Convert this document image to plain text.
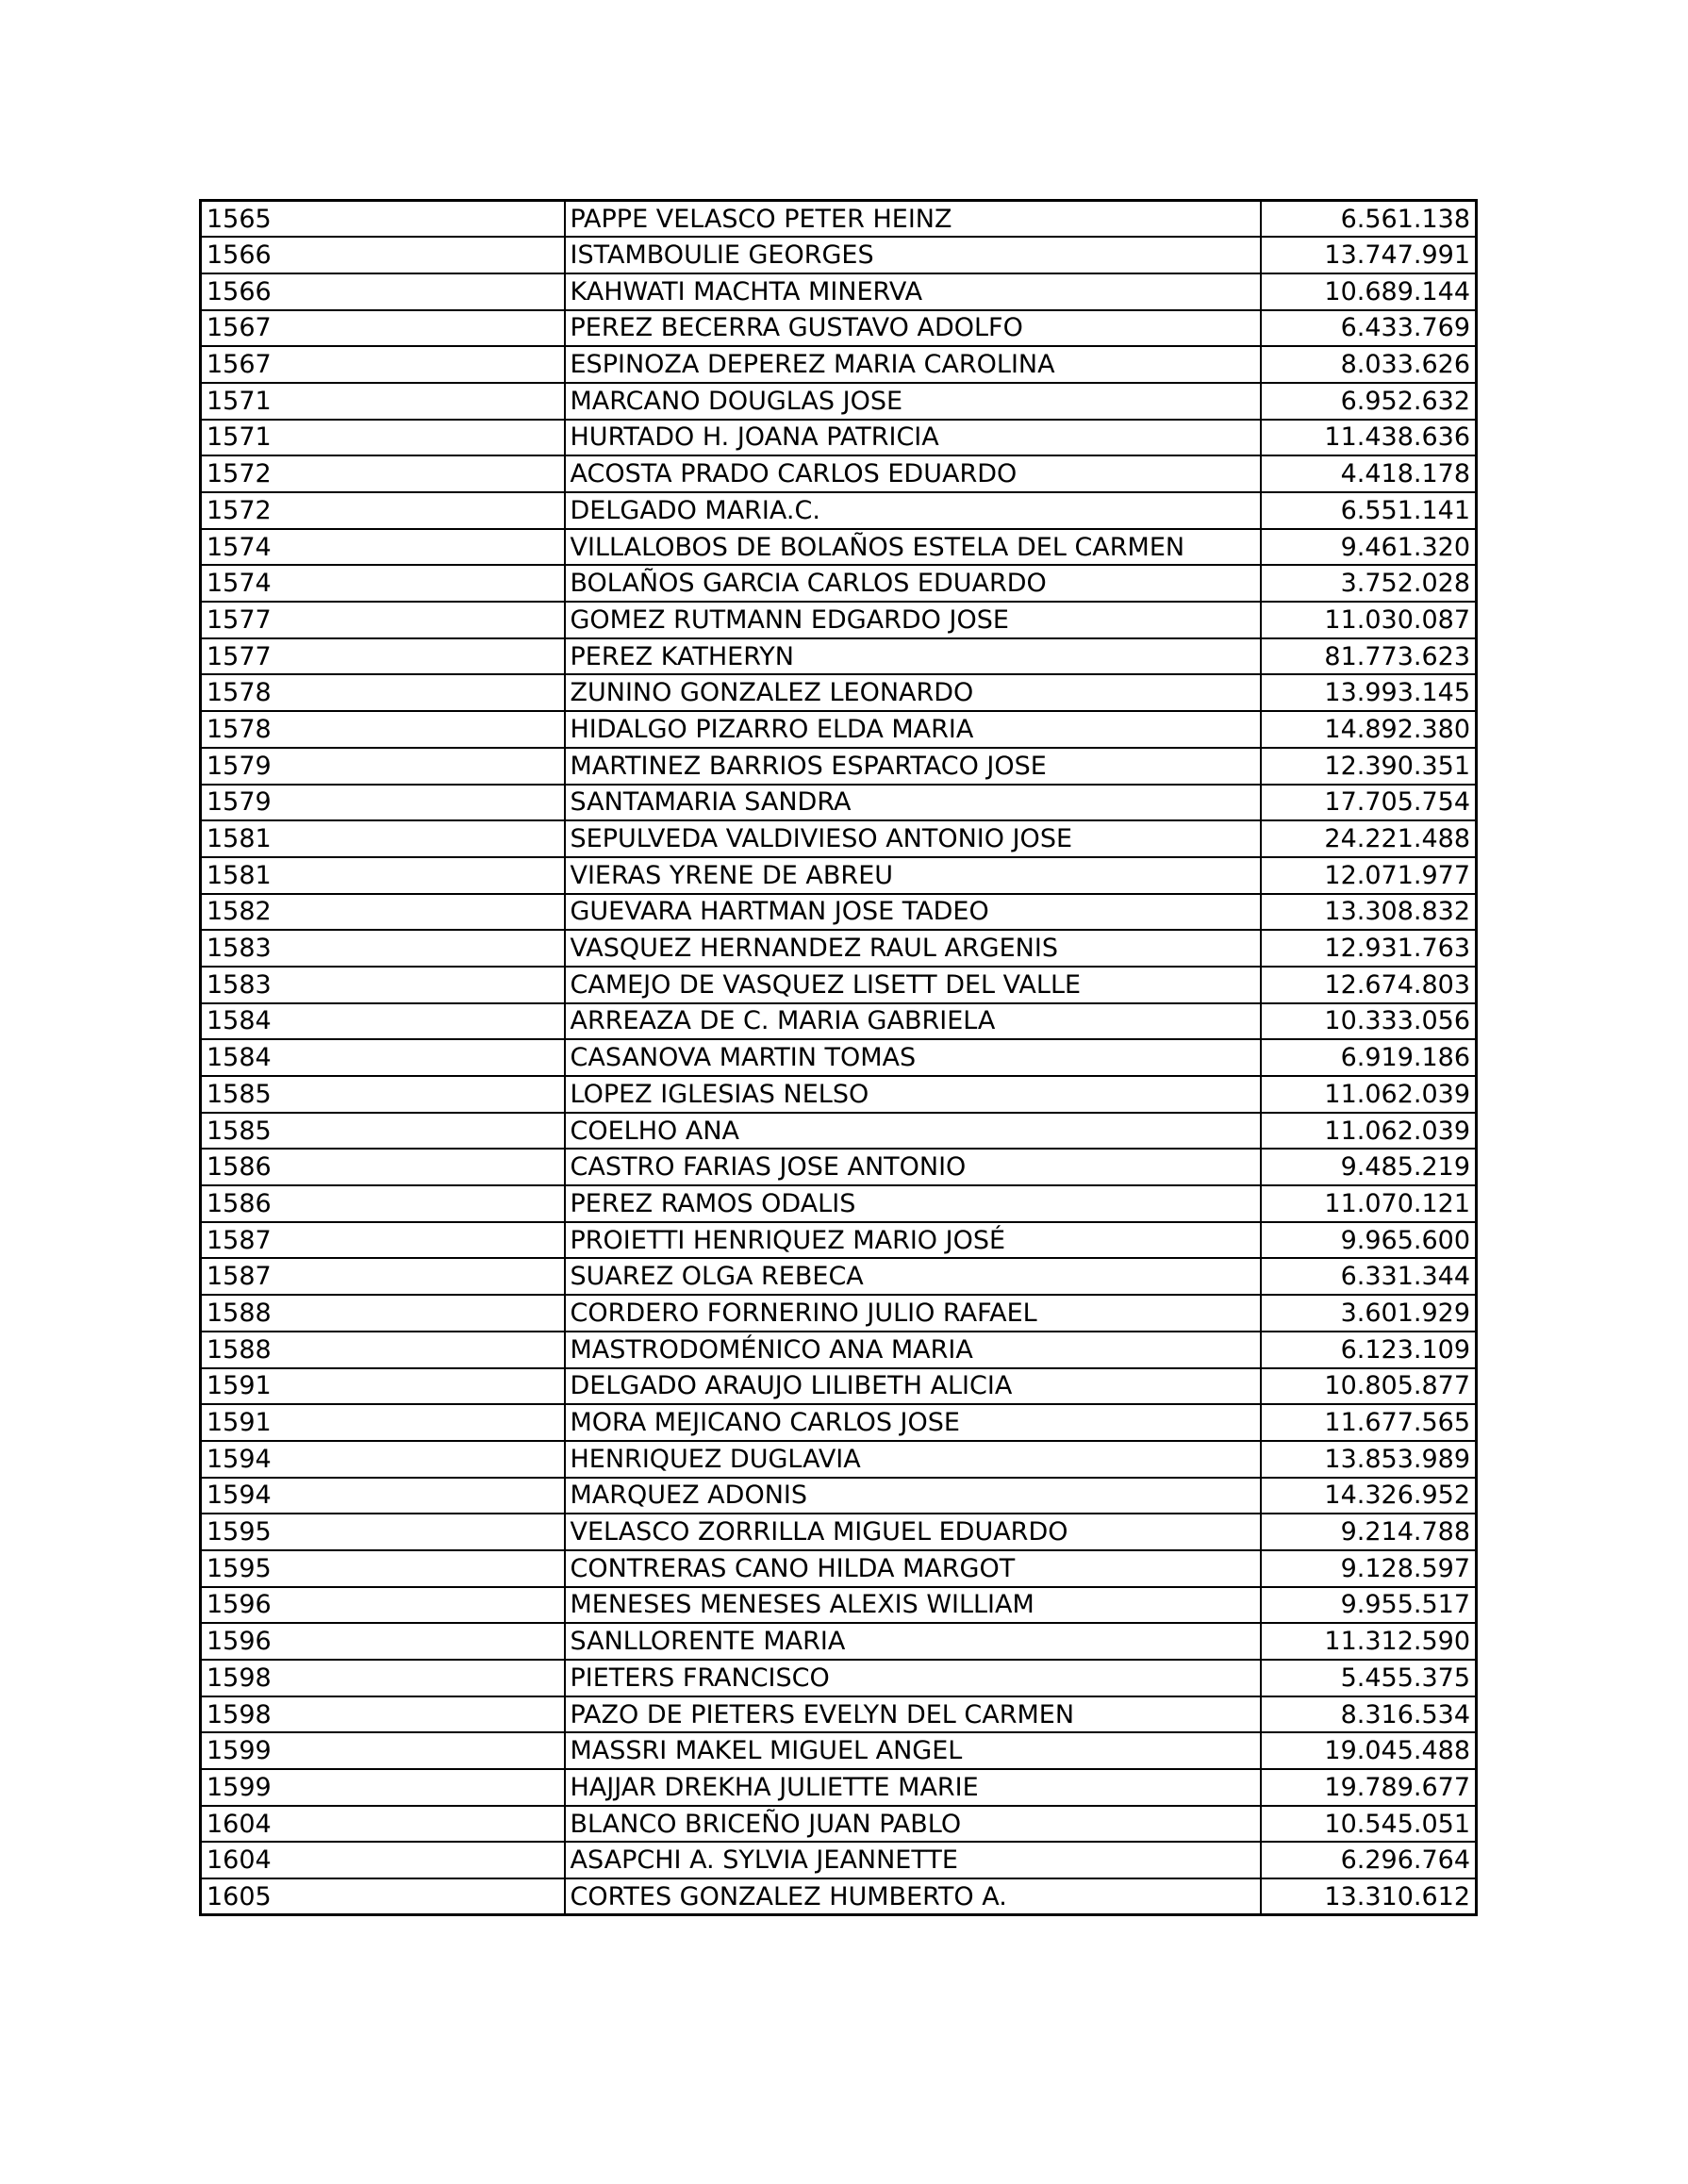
1565	PAPPE VELASCO PETER HEINZ	6.561.138
1566	ISTAMBOULIE GEORGES	13.747.991
1566	KAHWATI MACHTA MINERVA	10.689.144
1567	PEREZ BECERRA GUSTAVO ADOLFO	6.433.769
1567	ESPINOZA DEPEREZ MARIA CAROLINA	8.033.626
1571	MARCANO DOUGLAS JOSE	6.952.632
1571	HURTADO H. JOANA PATRICIA	11.438.636
1572	ACOSTA PRADO CARLOS EDUARDO	4.418.178
1572	DELGADO MARIA.C.	6.551.141
1574	VILLALOBOS DE BOLAÑOS ESTELA DEL CARMEN	9.461.320
1574	BOLAÑOS GARCIA CARLOS EDUARDO	3.752.028
1577	GOMEZ RUTMANN EDGARDO JOSE	11.030.087
1577	PEREZ KATHERYN	81.773.623
1578	ZUNINO GONZALEZ LEONARDO	13.993.145
1578	HIDALGO PIZARRO ELDA MARIA	14.892.380
1579	MARTINEZ BARRIOS ESPARTACO JOSE	12.390.351
1579	SANTAMARIA SANDRA	17.705.754
1581	SEPULVEDA VALDIVIESO ANTONIO JOSE	24.221.488
1581	VIERAS YRENE DE ABREU	12.071.977
1582	GUEVARA HARTMAN JOSE TADEO	13.308.832
1583	VASQUEZ HERNANDEZ RAUL ARGENIS	12.931.763
1583	CAMEJO DE VASQUEZ LISETT DEL VALLE	12.674.803
1584	ARREAZA DE C. MARIA GABRIELA	10.333.056
1584	CASANOVA MARTIN TOMAS	6.919.186
1585	LOPEZ IGLESIAS NELSO	11.062.039
1585	COELHO ANA	11.062.039
1586	CASTRO FARIAS JOSE ANTONIO	9.485.219
1586	PEREZ RAMOS ODALIS	11.070.121
1587	PROIETTI HENRIQUEZ MARIO JOSÉ	9.965.600
1587	SUAREZ OLGA REBECA	6.331.344
1588	CORDERO FORNERINO JULIO RAFAEL	3.601.929
1588	MASTRODOMÉNICO ANA MARIA	6.123.109
1591	DELGADO ARAUJO LILIBETH ALICIA	10.805.877
1591	MORA MEJICANO CARLOS JOSE	11.677.565
1594	HENRIQUEZ DUGLAVIA	13.853.989
1594	MARQUEZ ADONIS	14.326.952
1595	VELASCO ZORRILLA MIGUEL EDUARDO	9.214.788
1595	CONTRERAS CANO HILDA MARGOT	9.128.597
1596	MENESES MENESES ALEXIS WILLIAM	9.955.517
1596	SANLLORENTE MARIA	11.312.590
1598	PIETERS FRANCISCO	5.455.375
1598	PAZO DE PIETERS EVELYN DEL CARMEN	8.316.534
1599	MASSRI MAKEL MIGUEL ANGEL	19.045.488
1599	HAJJAR DREKHA JULIETTE MARIE	19.789.677
1604	BLANCO BRICEÑO JUAN PABLO	10.545.051
1604	ASAPCHI A. SYLVIA JEANNETTE	6.296.764
1605	CORTES GONZALEZ HUMBERTO A.	13.310.612
